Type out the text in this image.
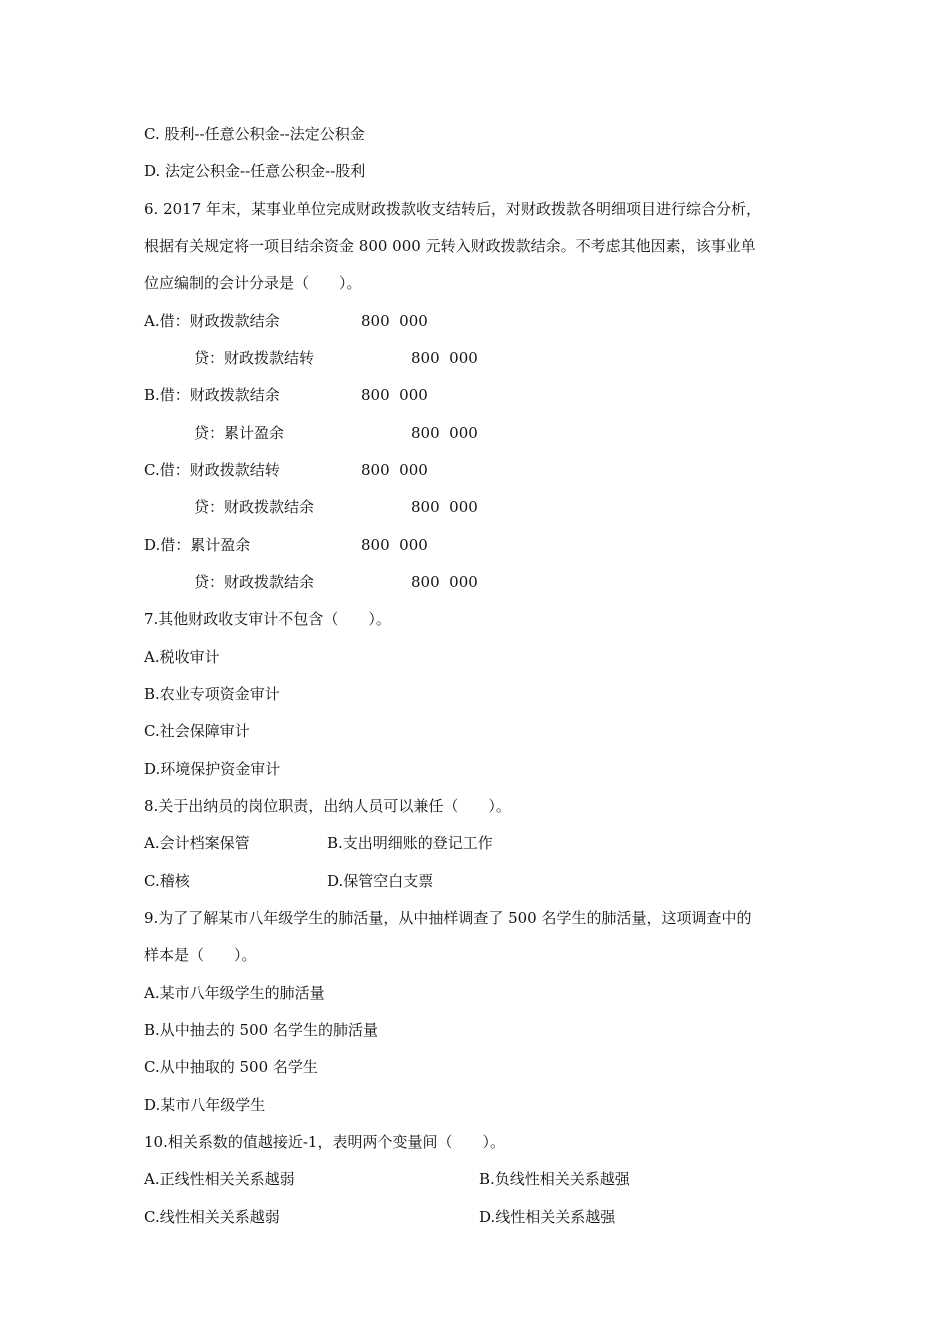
C. 股利--任意公积金--法定公积金
D. 法定公积金--任意公积金--股利
6. 2017 年末，某事业单位完成财政拨款收支结转后，对财政拨款各明细项目进行综合分析，
根据有关规定将一项目结余资金 800 000 元转入财政拨款结余。不考虑其他因素，该事业单
位应编制的会计分录是（　　）。
A.借：财政拨款结余	800  000
贷：财政拨款结转	800  000
B.借：财政拨款结余	800  000
贷：累计盈余	800  000
C.借：财政拨款结转	800  000
贷：财政拨款结余	800  000
D.借：累计盈余	800  000
贷：财政拨款结余	800  000
7.其他财政收支审计不包含（　　）。
A.税收审计
B.农业专项资金审计
C.社会保障审计
D.环境保护资金审计
8.关于出纳员的岗位职责，出纳人员可以兼任（　　）。
A.会计档案保管	B.支出明细账的登记工作
C.稽核	D.保管空白支票
9.为了了解某市八年级学生的肺活量，从中抽样调查了 500 名学生的肺活量，这项调查中的
样本是（　　）。
A.某市八年级学生的肺活量
B.从中抽去的 500 名学生的肺活量
C.从中抽取的 500 名学生
D.某市八年级学生
10.相关系数的值越接近-1，表明两个变量间（　　）。
A.正线性相关关系越弱	B.负线性相关关系越强
C.线性相关关系越弱	D.线性相关关系越强
